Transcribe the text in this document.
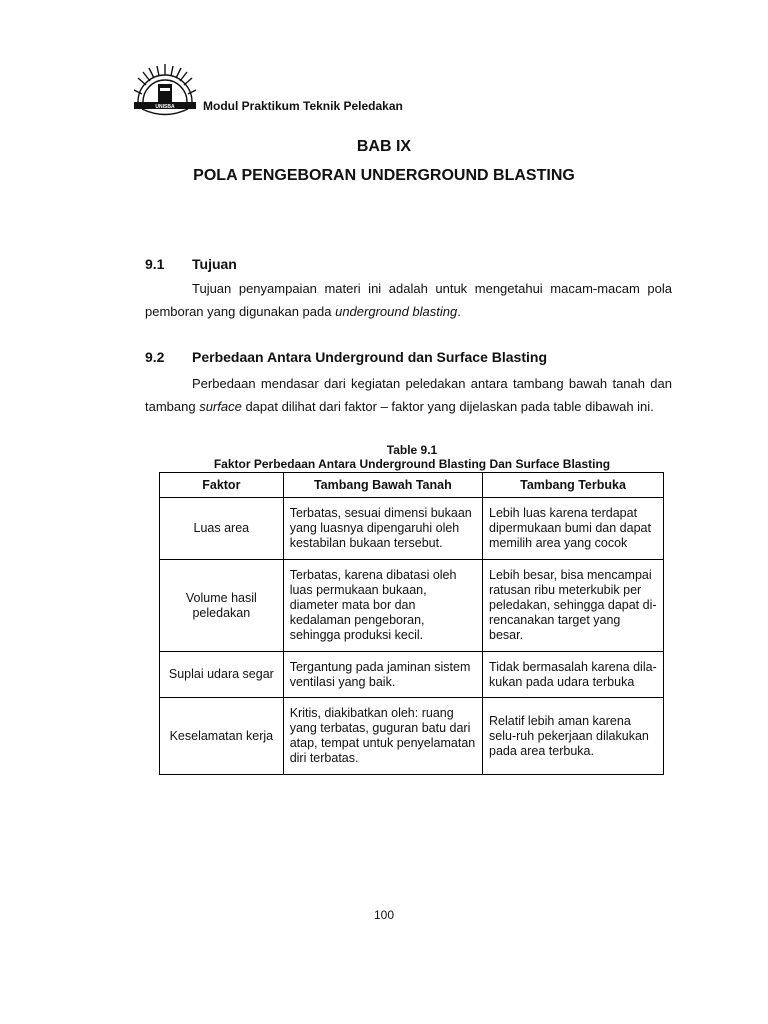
UNISBA Modul Praktikum Teknik Peledakan
BAB IX
POLA PENGEBORAN UNDERGROUND BLASTING
9.1 Tujuan
Tujuan penyampaian materi ini adalah untuk mengetahui macam-macam pola pemboran yang digunakan pada underground blasting.
9.2 Perbedaan Antara Underground dan Surface Blasting
Perbedaan mendasar dari kegiatan peledakan antara tambang bawah tanah dan tambang surface dapat dilihat dari faktor – faktor yang dijelaskan pada table dibawah ini.
Table 9.1
Faktor Perbedaan Antara Underground Blasting Dan Surface Blasting
Faktor	Tambang Bawah Tanah	Tambang Terbuka
Luas area	Terbatas, sesuai dimensi bukaan yang luasnya dipengaruhi oleh kestabilan bukaan tersebut.	Lebih luas karena terdapat dipermukaan bumi dan dapat memilih area yang cocok
Volume hasil peledakan	Terbatas, karena dibatasi oleh luas permukaan bukaan, diameter mata bor dan kedalaman pengeboran, sehingga produksi kecil.	Lebih besar, bisa mencampai ratusan ribu meterkubik per peledakan, sehingga dapat di-rencanakan target yang besar.
Suplai udara segar	Tergantung pada jaminan sistem ventilasi yang baik.	Tidak bermasalah karena dila-kukan pada udara terbuka
Keselamatan kerja	Kritis, diakibatkan oleh: ruang yang terbatas, guguran batu dari atap, tempat untuk penyelamatan diri terbatas.	Relatif lebih aman karena selu-ruh pekerjaan dilakukan pada area terbuka.
100
